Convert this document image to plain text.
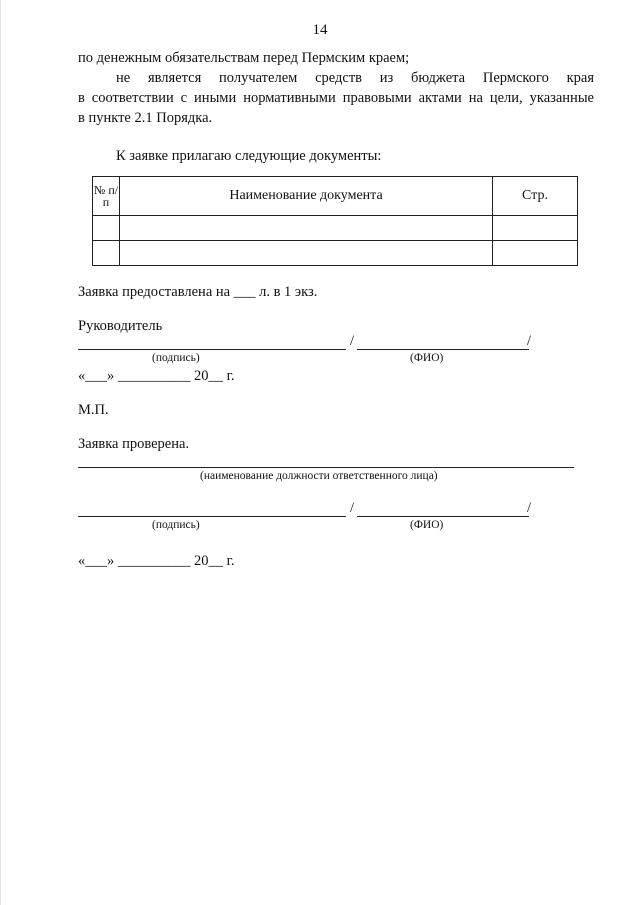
14
по денежным обязательствам перед Пермским краем;
не является получателем средств из бюджета Пермского края
в соответствии с иными нормативными правовыми актами на цели, указанные
в пункте 2.1 Порядка.
К заявке прилагаю следующие документы:
№ п/п	Наименование документа	Стр.

Заявка предоставлена на ___ л. в 1 экз.
Руководитель
/	/
(подпись)	(ФИО)
«___» __________ 20__ г.
М.П.
Заявка проверена.
(наименование должности ответственного лица)
/	/
(подпись)	(ФИО)
«___» __________ 20__ г.
